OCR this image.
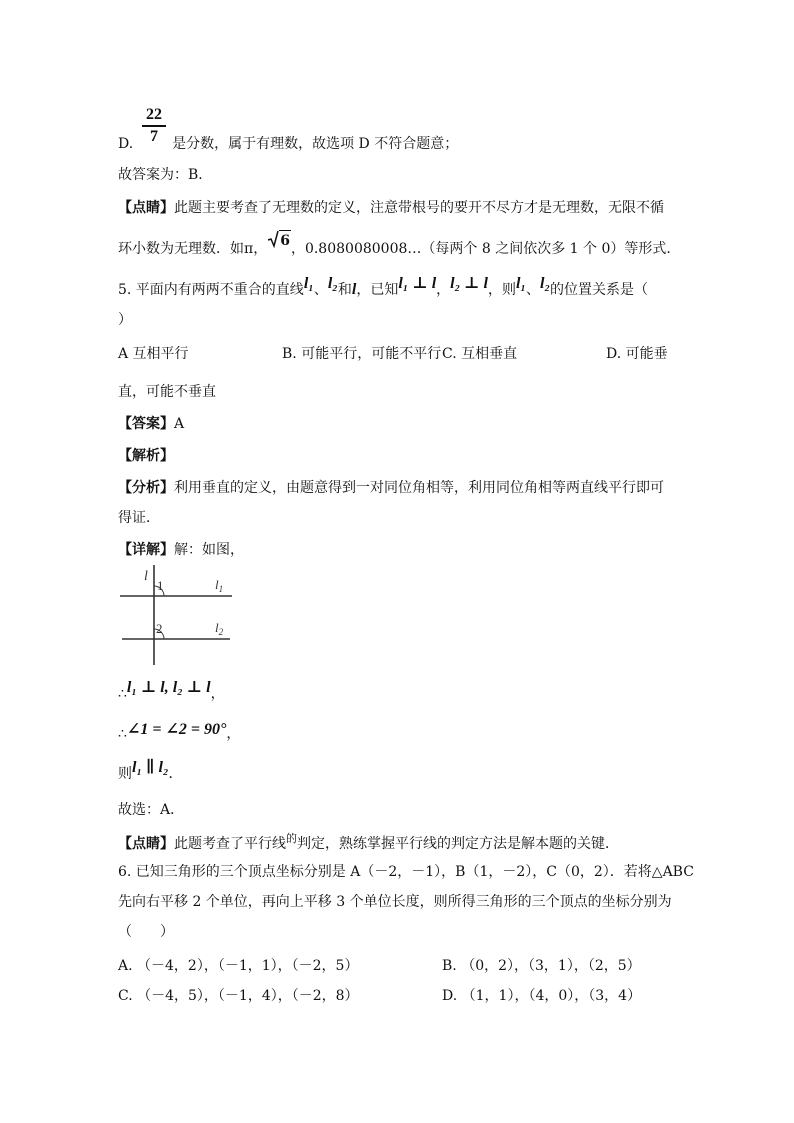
22
7
D.	是分数，属于有理数，故选项 D 不符合题意；
故答案为：B．
【点睛】此题主要考查了无理数的定义，注意带根号的要开不尽方才是无理数，无限不循
环小数为无理数．如π， 6，0.8080080008…（每两个 8 之间依次多 1 个 0）等形式．
5. 平面内有两两不重合的直线l₁、l₂和l，已知l₁ ⊥ l，l₂ ⊥ l，则l₁、l₂的位置关系是（
）
A 互相平行	B. 可能平行，可能不平行 C. 互相垂直	D. 可能垂
直，可能不垂直
【答案】A
【解析】
【分析】利用垂直的定义，由题意得到一对同位角相等，利用同位角相等两直线平行即可
得证．
【详解】解：如图，
l
1
2
$l_1$
$l_2$
∴l₁ ⊥ l, l₂ ⊥ l，
∴∠1 = ∠2 = 90°，
则l₁ ∥ l₂．
故选：A．
【点睛】此题考查了平行线$^的$判定，熟练掌握平行线的判定方法是解本题的关键．
6. 已知三角形的三个顶点坐标分别是 A（－2，－1），B（1，－2），C（0，2）．若将△ABC
先向右平移 2 个单位，再向上平移 3 个单位长度，则所得三角形的三个顶点的坐标分别为
（　　）
A. （－4，2），（－1，1），（－2，5）	B. （0，2），（3，1），（2，5）
C. （－4，5），（－1，4），（－2，8）	D. （1，1），（4，0），（3，4）
